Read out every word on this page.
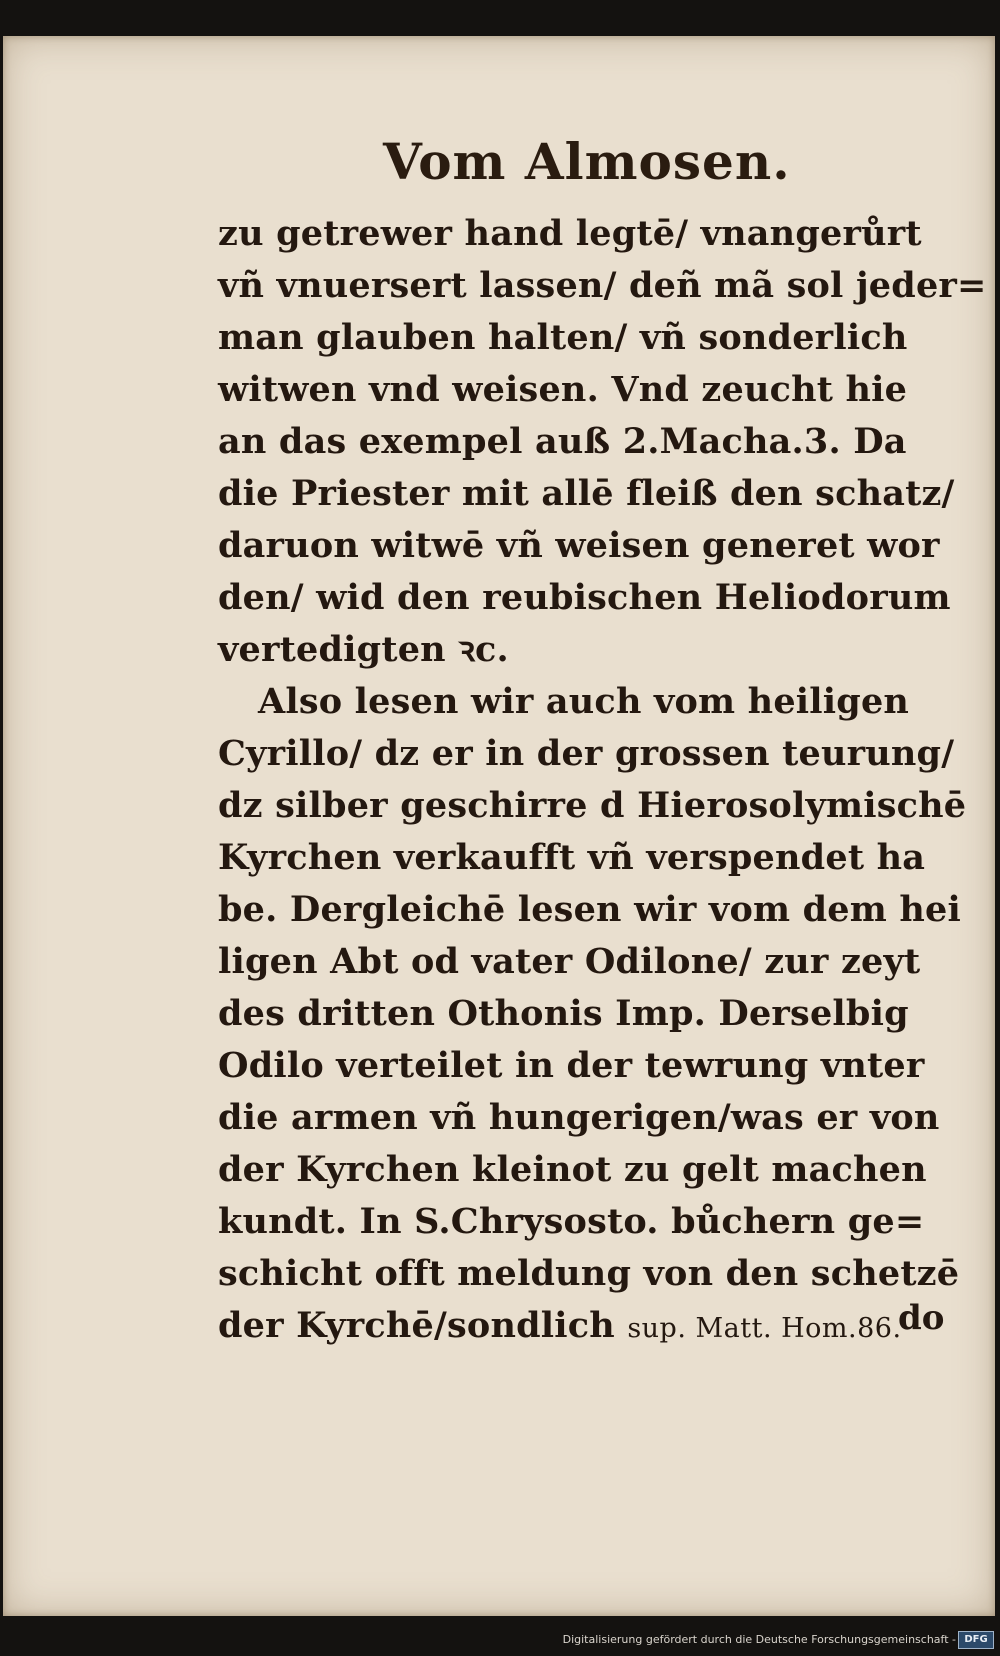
Vom Almosen.
zu getrewer hand legtē/ vnangerůrt
vñ vnuersert lassen/ deñ mã sol jeder=
man glauben halten/ vñ sonderlich
witwen vnd weisen. Vnd zeucht hie
an das exempel auß 2.Macha.3. Da
die Priester mit allē fleiß den schatz/
daruon witwē vñ weisen generet wor
den/ wid den reubischen Heliodorum
vertedigten ꝛc.
Also lesen wir auch vom heiligen
Cyrillo/ dz er in der grossen teurung/
dz silber geschirre d Hierosolymischē
Kyrchen verkaufft vñ verspendet ha
be. Dergleichē lesen wir vom dem hei
ligen Abt od vater Odilone/ zur zeyt
des dritten Othonis Imp. Derselbig
Odilo verteilet in der tewrung vnter
die armen vñ hungerigen/was er von
der Kyrchen kleinot zu gelt machen
kundt. In S.Chrysosto. bůchern ge=
schicht offt meldung von den schetzē
der Kyrchē/sondlich sup. Matt. Hom.86.
do
Digitalisierung gefördert durch die Deutsche Forschungsgemeinschaft - DFG
